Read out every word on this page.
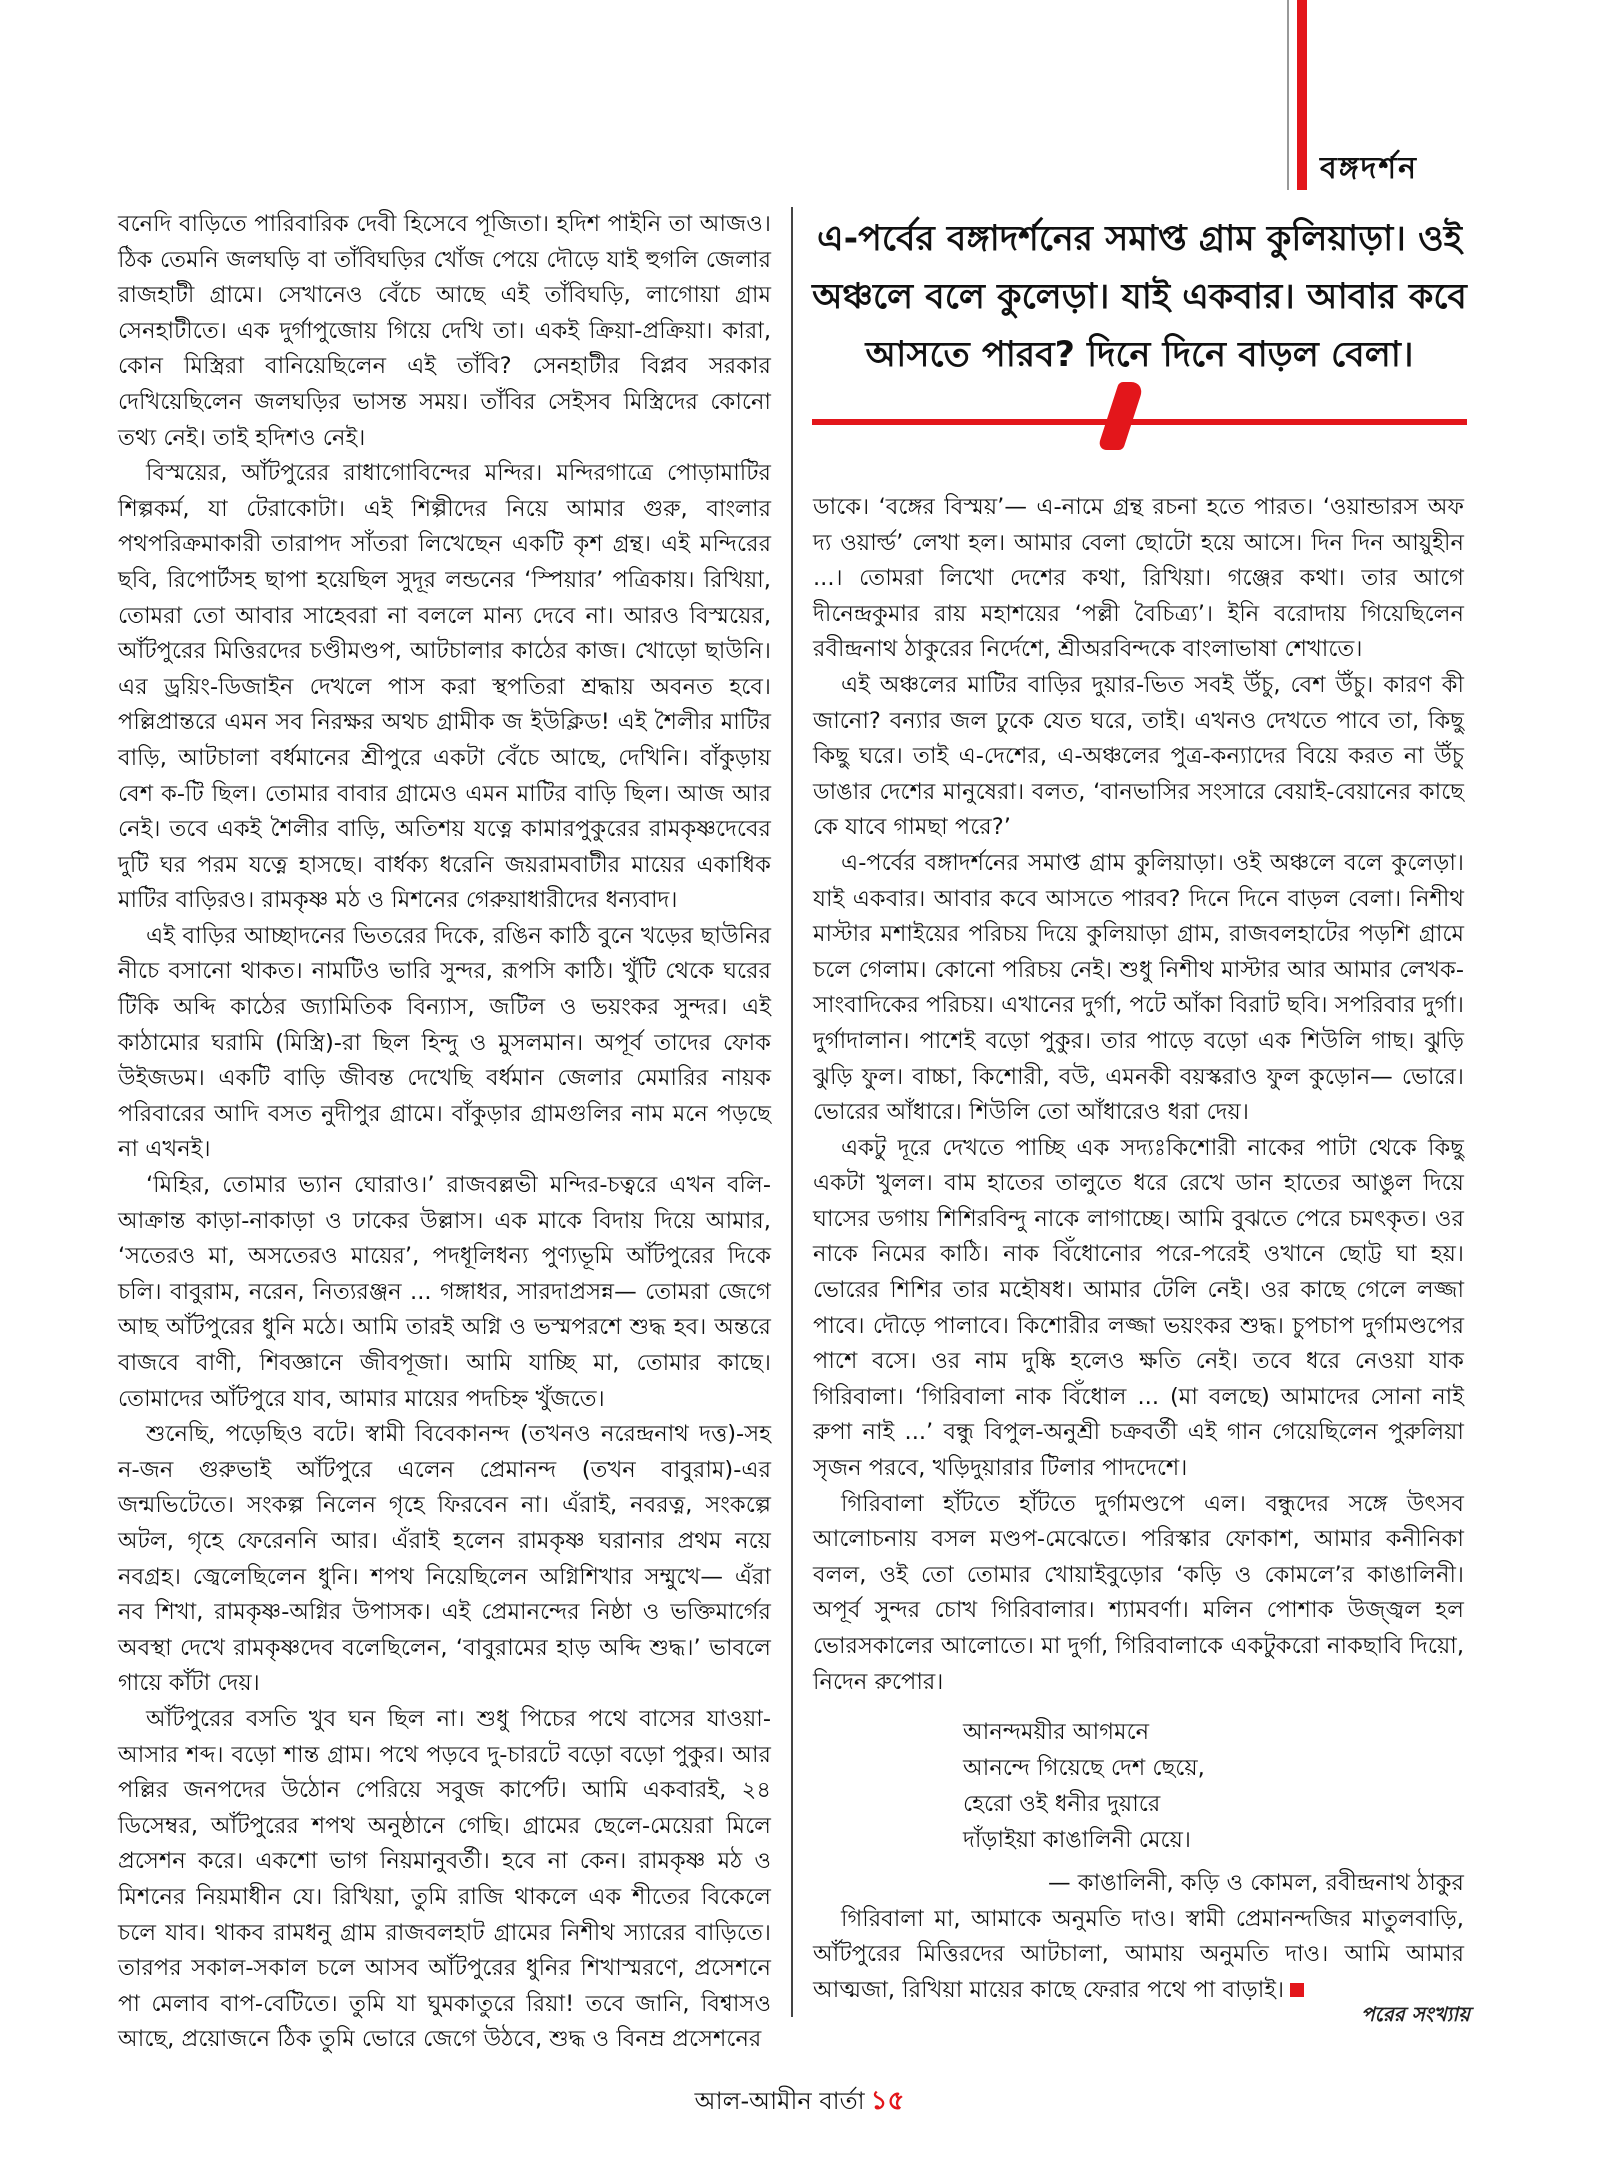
বঙ্গদর্শন

বনেদি বাড়িতে পারিবারিক দেবী হিসেবে পূজিতা। হদিশ পাইনি তা আজও। ঠিক তেমনি জলঘড়ি বা তাঁবিঘড়ির খোঁজ পেয়ে দৌড়ে যাই হুগলি জেলার রাজহাটী গ্রামে। সেখানেও বেঁচে আছে এই তাঁবিঘড়ি, লাগোয়া গ্রাম সেনহাটীতে। এক দুর্গাপুজোয় গিয়ে দেখি তা। একই ক্রিয়া-প্রক্রিয়া। কারা, কোন মিস্ত্রিরা বানিয়েছিলেন এই তাঁবি? সেনহাটীর বিপ্লব সরকার দেখিয়েছিলেন জলঘড়ির ভাসন্ত সময়। তাঁবির সেইসব মিস্ত্রিদের কোনো তথ্য নেই। তাই হদিশও নেই।

বিস্ময়ের, আঁটপুরের রাধাগোবিন্দের মন্দির। মন্দিরগাত্রে পোড়ামাটির শিল্পকর্ম, যা টেরাকোটা। এই শিল্পীদের নিয়ে আমার গুরু, বাংলার পথপরিক্রমাকারী তারাপদ সাঁতরা লিখেছেন একটি কৃশ গ্রন্থ। এই মন্দিরের ছবি, রিপোর্টসহ ছাপা হয়েছিল সুদূর লন্ডনের ‘স্পিয়ার’ পত্রিকায়। রিখিয়া, তোমরা তো আবার সাহেবরা না বললে মান্য দেবে না। আরও বিস্ময়ের, আঁটপুরের মিত্তিরদের চণ্ডীমণ্ডপ, আটচালার কাঠের কাজ। খোড়ো ছাউনি। এর ড্রয়িং-ডিজাইন দেখলে পাস করা স্থপতিরা শ্রদ্ধায় অবনত হবে। পল্লিপ্রান্তরে এমন সব নিরক্ষর অথচ গ্রামীক জ ইউক্লিড! এই শৈলীর মাটির বাড়ি, আটচালা বর্ধমানের শ্রীপুরে একটা বেঁচে আছে, দেখিনি। বাঁকুড়ায় বেশ ক-টি ছিল। তোমার বাবার গ্রামেও এমন মাটির বাড়ি ছিল। আজ আর নেই। তবে একই শৈলীর বাড়ি, অতিশয় যত্নে কামারপুকুরের রামকৃষ্ণদেবের দুটি ঘর পরম যত্নে হাসছে। বার্ধক্য ধরেনি জয়রামবাটীর মায়ের একাধিক মাটির বাড়িরও। রামকৃষ্ণ মঠ ও মিশনের গেরুয়াধারীদের ধন্যবাদ।

এই বাড়ির আচ্ছাদনের ভিতরের দিকে, রঙিন কাঠি বুনে খড়ের ছাউনির নীচে বসানো থাকত। নামটিও ভারি সুন্দর, রূপসি কাঠি। খুঁটি থেকে ঘরের টিকি অব্দি কাঠের জ্যামিতিক বিন্যাস, জটিল ও ভয়ংকর সুন্দর। এই কাঠামোর ঘরামি (মিস্ত্রি)-রা ছিল হিন্দু ও মুসলমান। অপূর্ব তাদের ফোক উইজডম। একটি বাড়ি জীবন্ত দেখেছি বর্ধমান জেলার মেমারির নায়ক পরিবারের আদি বসত নুদীপুর গ্রামে। বাঁকুড়ার গ্রামগুলির নাম মনে পড়ছে না এখনই।

‘মিহির, তোমার ভ্যান ঘোরাও।’ রাজবল্লভী মন্দির-চত্বরে এখন বলি-আক্রান্ত কাড়া-নাকাড়া ও ঢাকের উল্লাস। এক মাকে বিদায় দিয়ে আমার, ‘সতেরও মা, অসতেরও মায়ের’, পদধূলিধন্য পুণ্যভূমি আঁটপুরের দিকে চলি। বাবুরাম, নরেন, নিত্যরঞ্জন ... গঙ্গাধর, সারদাপ্রসন্ন— তোমরা জেগে আছ আঁটপুরের ধুনি মঠে। আমি তারই অগ্নি ও ভস্মপরশে শুদ্ধ হব। অন্তরে বাজবে বাণী, শিবজ্ঞানে জীবপূজা। আমি যাচ্ছি মা, তোমার কাছে। তোমাদের আঁটপুরে যাব, আমার মায়ের পদচিহ্ন খুঁজতে।

শুনেছি, পড়েছিও বটে। স্বামী বিবেকানন্দ (তখনও নরেন্দ্রনাথ দত্ত)-সহ ন-জন গুরুভাই আঁটপুরে এলেন প্রেমানন্দ (তখন বাবুরাম)-এর জন্মভিটেতে। সংকল্প নিলেন গৃহে ফিরবেন না। এঁরাই, নবরত্ন, সংকল্পে অটল, গৃহে ফেরেননি আর। এঁরাই হলেন রামকৃষ্ণ ঘরানার প্রথম নয়ে নবগ্রহ। জ্বেলেছিলেন ধুনি। শপথ নিয়েছিলেন অগ্নিশিখার সম্মুখে— এঁরা নব শিখা, রামকৃষ্ণ-অগ্নির উপাসক। এই প্রেমানন্দের নিষ্ঠা ও ভক্তিমার্গের অবস্থা দেখে রামকৃষ্ণদেব বলেছিলেন, ‘বাবুরামের হাড় অব্দি শুদ্ধ।’ ভাবলে গায়ে কাঁটা দেয়।

আঁটপুরের বসতি খুব ঘন ছিল না। শুধু পিচের পথে বাসের যাওয়া-আসার শব্দ। বড়ো শান্ত গ্রাম। পথে পড়বে দু-চারটে বড়ো বড়ো পুকুর। আর পল্লির জনপদের উঠোন পেরিয়ে সবুজ কার্পেট। আমি একবারই, ২৪ ডিসেম্বর, আঁটপুরের শপথ অনুষ্ঠানে গেছি। গ্রামের ছেলে-মেয়েরা মিলে প্রসেশন করে। একশো ভাগ নিয়মানুবর্তী। হবে না কেন। রামকৃষ্ণ মঠ ও মিশনের নিয়মাধীন যে। রিখিয়া, তুমি রাজি থাকলে এক শীতের বিকেলে চলে যাব। থাকব রামধনু গ্রাম রাজবলহাট গ্রামের নিশীথ স্যারের বাড়িতে। তারপর সকাল-সকাল চলে আসব আঁটপুরের ধুনির শিখাস্মরণে, প্রসেশনে পা মেলাব বাপ-বেটিতে। তুমি যা ঘুমকাতুরে রিয়া! তবে জানি, বিশ্বাসও আছে, প্রয়োজনে ঠিক তুমি ভোরে জেগে উঠবে, শুদ্ধ ও বিনম্র প্রসেশনের

এ-পর্বের বঙ্গাদর্শনের সমাপ্ত গ্রাম কুলিয়াড়া। ওই অঞ্চলে বলে কুলেড়া। যাই একবার। আবার কবে আসতে পারব? দিনে দিনে বাড়ল বেলা।

ডাকে। ‘বঙ্গের বিস্ময়’— এ-নামে গ্রন্থ রচনা হতে পারত। ‘ওয়ান্ডারস অফ দ্য ওয়ার্ল্ড’ লেখা হল। আমার বেলা ছোটো হয়ে আসে। দিন দিন আয়ুহীন ...। তোমরা লিখো দেশের কথা, রিখিয়া। গঞ্জের কথা। তার আগে দীনেন্দ্রকুমার রায় মহাশয়ের ‘পল্লী বৈচিত্র্য’। ইনি বরোদায় গিয়েছিলেন রবীন্দ্রনাথ ঠাকুরের নির্দেশে, শ্রীঅরবিন্দকে বাংলাভাষা শেখাতে।

এই অঞ্চলের মাটির বাড়ির দুয়ার-ভিত সবই উঁচু, বেশ উঁচু। কারণ কী জানো? বন্যার জল ঢুকে যেত ঘরে, তাই। এখনও দেখতে পাবে তা, কিছু কিছু ঘরে। তাই এ-দেশের, এ-অঞ্চলের পুত্র-কন্যাদের বিয়ে করত না উঁচু ডাঙার দেশের মানুষেরা। বলত, ‘বানভাসির সংসারে বেয়াই-বেয়ানের কাছে কে যাবে গামছা পরে?’

এ-পর্বের বঙ্গাদর্শনের সমাপ্ত গ্রাম কুলিয়াড়া। ওই অঞ্চলে বলে কুলেড়া। যাই একবার। আবার কবে আসতে পারব? দিনে দিনে বাড়ল বেলা। নিশীথ মাস্টার মশাইয়ের পরিচয় দিয়ে কুলিয়াড়া গ্রাম, রাজবলহাটের পড়শি গ্রামে চলে গেলাম। কোনো পরিচয় নেই। শুধু নিশীথ মাস্টার আর আমার লেখক-সাংবাদিকের পরিচয়। এখানের দুর্গা, পটে আঁকা বিরাট ছবি। সপরিবার দুর্গা। দুর্গাদালান। পাশেই বড়ো পুকুর। তার পাড়ে বড়ো এক শিউলি গাছ। ঝুড়ি ঝুড়ি ফুল। বাচ্চা, কিশোরী, বউ, এমনকী বয়স্করাও ফুল কুড়োন— ভোরে। ভোরের আঁধারে। শিউলি তো আঁধারেও ধরা দেয়।

একটু দূরে দেখতে পাচ্ছি এক সদ্যঃকিশোরী নাকের পাটা থেকে কিছু একটা খুলল। বাম হাতের তালুতে ধরে রেখে ডান হাতের আঙুল দিয়ে ঘাসের ডগায় শিশিরবিন্দু নাকে লাগাচ্ছে। আমি বুঝতে পেরে চমৎকৃত। ওর নাকে নিমের কাঠি। নাক বিঁধোনোর পরে-পরেই ওখানে ছোট্ট ঘা হয়। ভোরের শিশির তার মহৌষধ। আমার টেলি নেই। ওর কাছে গেলে লজ্জা পাবে। দৌড়ে পালাবে। কিশোরীর লজ্জা ভয়ংকর শুদ্ধ। চুপচাপ দুর্গামণ্ডপের পাশে বসে। ওর নাম দুষ্কি হলেও ক্ষতি নেই। তবে ধরে নেওয়া যাক গিরিবালা। ‘গিরিবালা নাক বিঁধোল ... (মা বলছে) আমাদের সোনা নাই রুপা নাই ...’ বন্ধু বিপুল-অনুশ্রী চক্রবর্তী এই গান গেয়েছিলেন পুরুলিয়া সৃজন পরবে, খড়িদুয়ারার টিলার পাদদেশে।

গিরিবালা হাঁটতে হাঁটতে দুর্গামণ্ডপে এল। বন্ধুদের সঙ্গে উৎসব আলোচনায় বসল মণ্ডপ-মেঝেতে। পরিস্কার ফোকাশ, আমার কনীনিকা বলল, ওই তো তোমার খোয়াইবুড়োর ‘কড়ি ও কোমলে’র কাঙালিনী। অপূর্ব সুন্দর চোখ গিরিবালার। শ্যামবর্ণা। মলিন পোশাক উজ্জ্বল হল ভোরসকালের আলোতে। মা দুর্গা, গিরিবালাকে একটুকরো নাকছাবি দিয়ো, নিদেন রুপোর।

আনন্দময়ীর আগমনে
আনন্দে গিয়েছে দেশ ছেয়ে,
হেরো ওই ধনীর দুয়ারে
দাঁড়াইয়া কাঙালিনী মেয়ে।

— কাঙালিনী, কড়ি ও কোমল, রবীন্দ্রনাথ ঠাকুর

গিরিবালা মা, আমাকে অনুমতি দাও। স্বামী প্রেমানন্দজির মাতুলবাড়ি, আঁটপুরের মিত্তিরদের আটচালা, আমায় অনুমতি দাও। আমি আমার আত্মজা, রিখিয়া মায়ের কাছে ফেরার পথে পা বাড়াই।

পরের সংখ্যায়
আল-আমীন বার্তা ১৫
